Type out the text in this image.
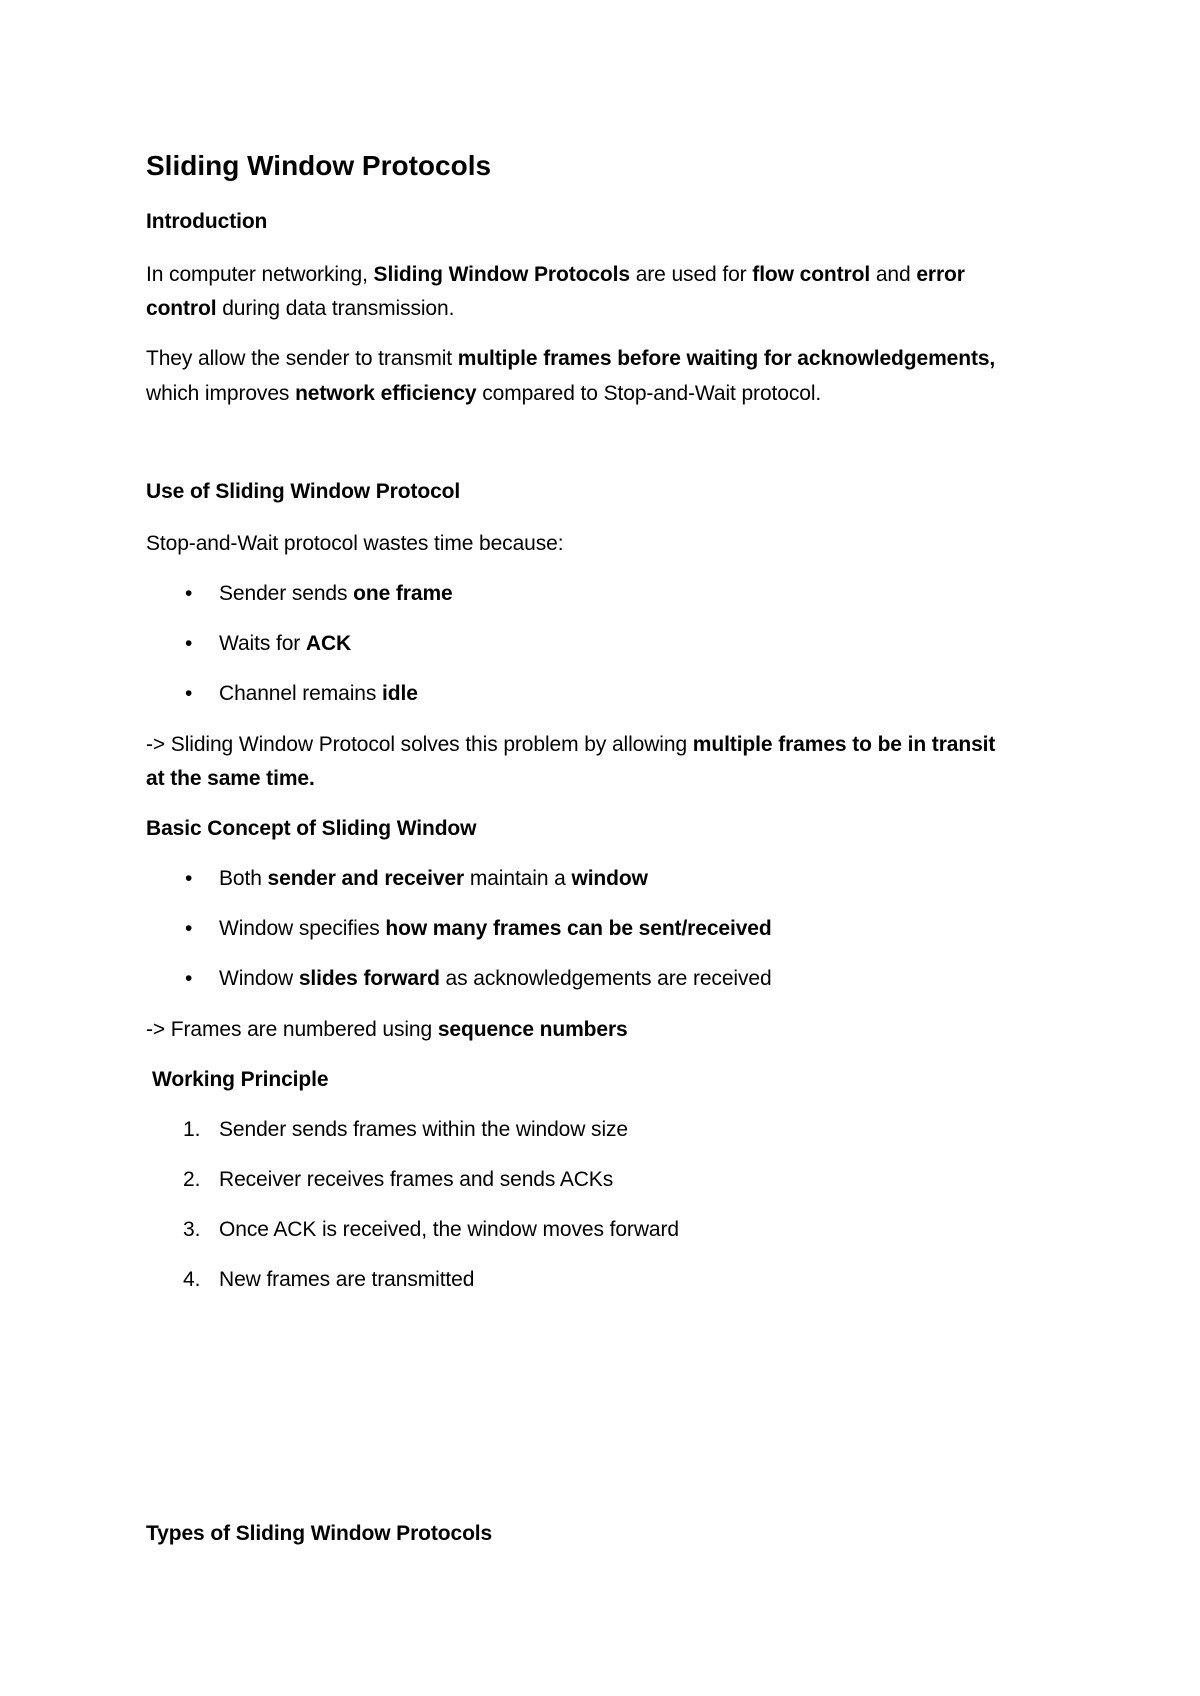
Sliding Window Protocols
Introduction

In computer networking, Sliding Window Protocols are used for flow control and error

control during data transmission.

They allow the sender to transmit multiple frames before waiting for acknowledgements,

which improves network efficiency compared to Stop-and-Wait protocol.

Use of Sliding Window Protocol

Stop-and-Wait protocol wastes time because:

• Sender sends one frame

• Waits for ACK

• Channel remains idle

-> Sliding Window Protocol solves this problem by allowing multiple frames to be in transit

at the same time.

Basic Concept of Sliding Window
• Both sender and receiver maintain a window

• Window specifies how many frames can be sent/received

• Window slides forward as acknowledgements are received

-> Frames are numbered using sequence numbers

Working Principle
1. Sender sends frames within the window size

2. Receiver receives frames and sends ACKs

3. Once ACK is received, the window moves forward

4. New frames are transmitted

Types of Sliding Window Protocols
